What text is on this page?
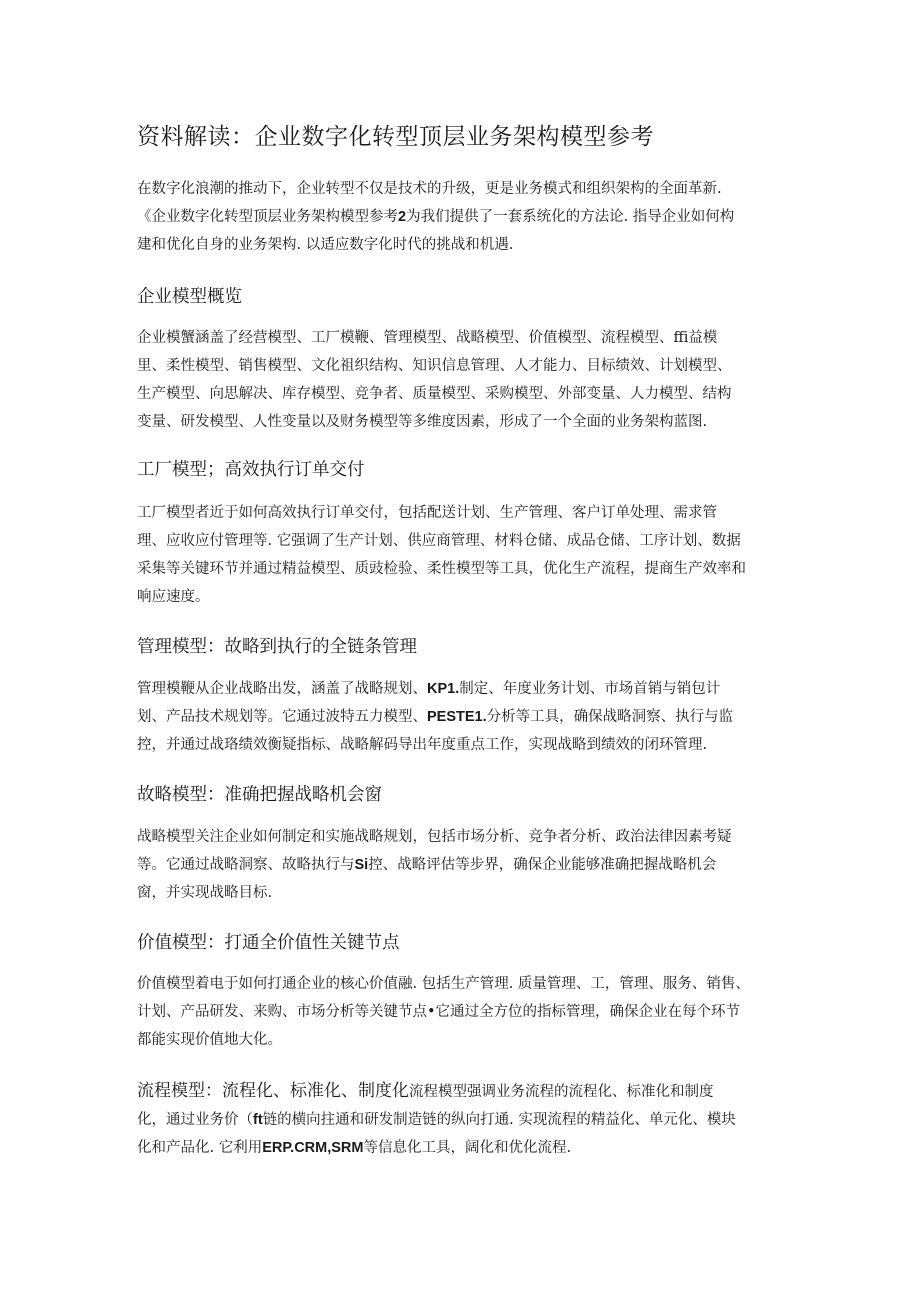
资料解读：企业数字化转型顶层业务架构模型参考

在数字化浪潮的推动下，企业转型不仅是技术的升级，更是业务模式和组织架构的全面革新.
《企业数字化转型顶层业务架构模型参考2为我们提供了一套系统化的方法论. 指导企业如何构
建和优化自身的业务架构. 以适应数字化时代的挑战和机遇.

企业模型概览

企业模蟹涵盖了经营模型、工厂模鞭、管理模型、战略模型、价值模型、流程模型、ffi益模
里、柔性模型、销售模型、文化祖织结构、知识信息管理、人才能力、目标绩效、计划模型、
生产模型、向思解决、库存模型、竞争者、质量模型、采购模型、外部变量、人力模型、结构
变量、研发模型、人性变量以及财务模型等多维度因素，形成了一个全面的业务架构蓝图.

工厂模型；高效执行订单交付

工厂模型者近于如何高效执行订单交付，包括配送计划、生产管理、客户订单处理、需求管
理、应收应付管理等. 它强调了生产计划、供应商管理、材料仓储、成品仓储、工序计划、数据
采集等关键环节并通过精益模型、质豉检验、柔性模型等工具，优化生产流程，提商生产效率和
响应速度。

管理模型：故略到执行的全链条管理

管理模鞭从企业战略出发，涵盖了战略规划、KP1.制定、年度业务计划、市场首销与销包计
划、产品技术规划等。它通过波特五力模型、PESTE1.分析等工具，确保战略洞察、执行与监
控，并通过战珞绩效衡疑指标、战略解码导出年度重点工作，实现战略到绩效的闭环管理.

故略模型：准确把握战略机会窗

战略模型关注企业如何制定和实施战略规划，包括市场分析、竞争者分析、政治法律因素考疑
等。它通过战略洞察、故略执行与Si控、战略评估等步界，确保企业能够准确把握战略机会
窗，并实现战略目标.

价值模型：打通全价值性关键节点

价值模型着电于如何打通企业的核心价值融. 包括生产管理. 质量管理、工，管理、服务、销售、
计划、产品研发、来购、市场分析等关键节点•它通过全方位的指标管理，确保企业在每个环节
都能实现价值地大化。

流程模型：流程化、标准化、制度化流程模型强调业务流程的流程化、标准化和制度
化，通过业务价（ft链的横向拄通和研发制造链的纵向打通. 实现流程的精益化、单元化、模块
化和产品化. 它利用ERP.CRM,SRM等信息化工具，阔化和优化流程.
